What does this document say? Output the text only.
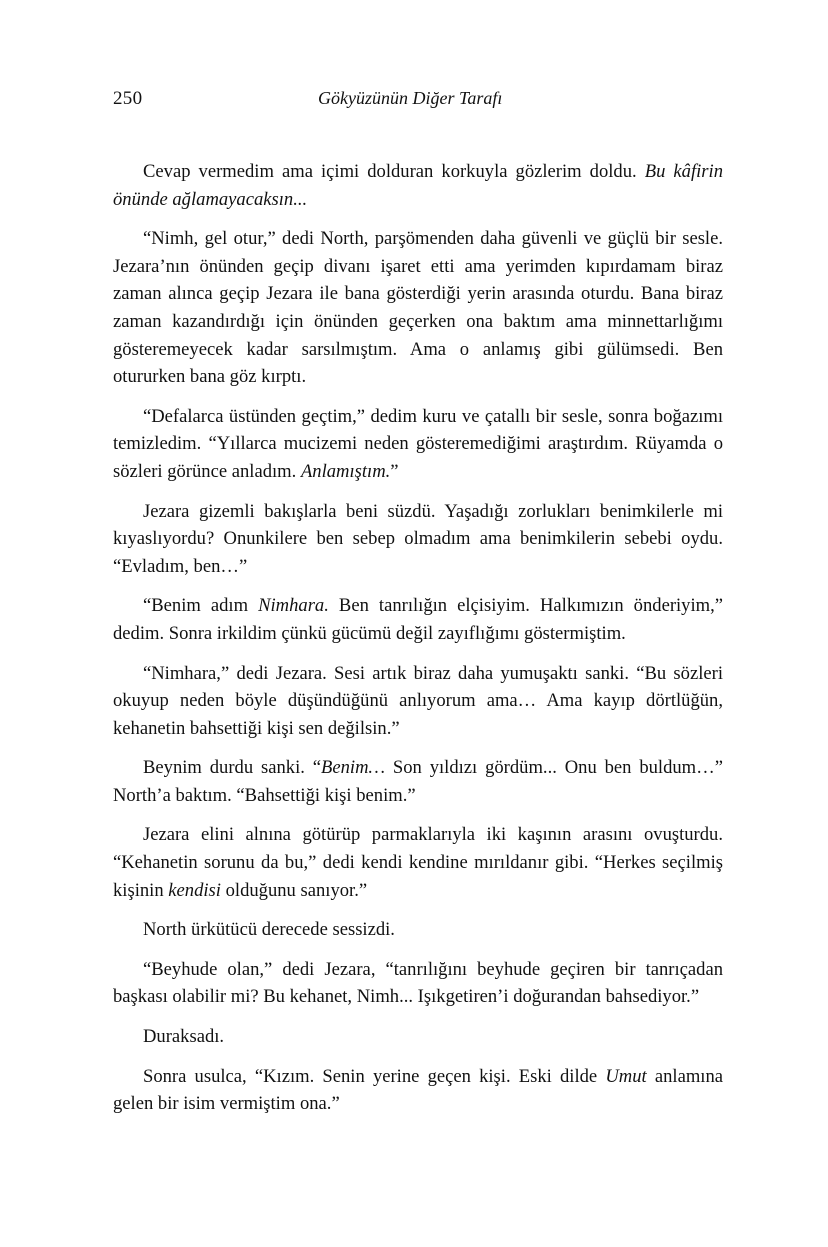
250	Gökyüzünün Diğer Tarafı

Cevap vermedim ama içimi dolduran korkuyla gözlerim doldu. Bu kâfirin önünde ağlamayacaksın...

“Nimh, gel otur,” dedi North, parşömenden daha güvenli ve güçlü bir sesle. Jezara’nın önünden geçip divanı işaret etti ama yerimden kıpırdamam biraz zaman alınca geçip Jezara ile bana gösterdiği yerin arasında oturdu. Bana biraz zaman kazandırdığı için önünden geçerken ona baktım ama minnettarlığımı gösteremeyecek kadar sarsılmıştım. Ama o anlamış gibi gülümsedi. Ben otururken bana göz kırptı.

“Defalarca üstünden geçtim,” dedim kuru ve çatallı bir sesle, sonra boğazımı temizledim. “Yıllarca mucizemi neden gösteremediğimi araştırdım. Rüyamda o sözleri görünce anladım. Anlamıştım.”

Jezara gizemli bakışlarla beni süzdü. Yaşadığı zorlukları benimkilerle mi kıyaslıyordu? Onunkilere ben sebep olmadım ama benimkilerin sebebi oydu. “Evladım, ben…”

“Benim adım Nimhara. Ben tanrılığın elçisiyim. Halkımızın önderiyim,” dedim. Sonra irkildim çünkü gücümü değil zayıflığımı göstermiştim.

“Nimhara,” dedi Jezara. Sesi artık biraz daha yumuşaktı sanki. “Bu sözleri okuyup neden böyle düşündüğünü anlıyorum ama… Ama kayıp dörtlüğün, kehanetin bahsettiği kişi sen değilsin.”

Beynim durdu sanki. “Benim… Son yıldızı gördüm... Onu ben buldum…” North’a baktım. “Bahsettiği kişi benim.”

Jezara elini alnına götürüp parmaklarıyla iki kaşının arasını ovuşturdu. “Kehanetin sorunu da bu,” dedi kendi kendine mırıldanır gibi. “Herkes seçilmiş kişinin kendisi olduğunu sanıyor.”

North ürkütücü derecede sessizdi.

“Beyhude olan,” dedi Jezara, “tanrılığını beyhude geçiren bir tanrıçadan başkası olabilir mi? Bu kehanet, Nimh... Işıkgetiren’i doğurandan bahsediyor.”

Duraksadı.

Sonra usulca, “Kızım. Senin yerine geçen kişi. Eski dilde Umut anlamına gelen bir isim vermiştim ona.”
